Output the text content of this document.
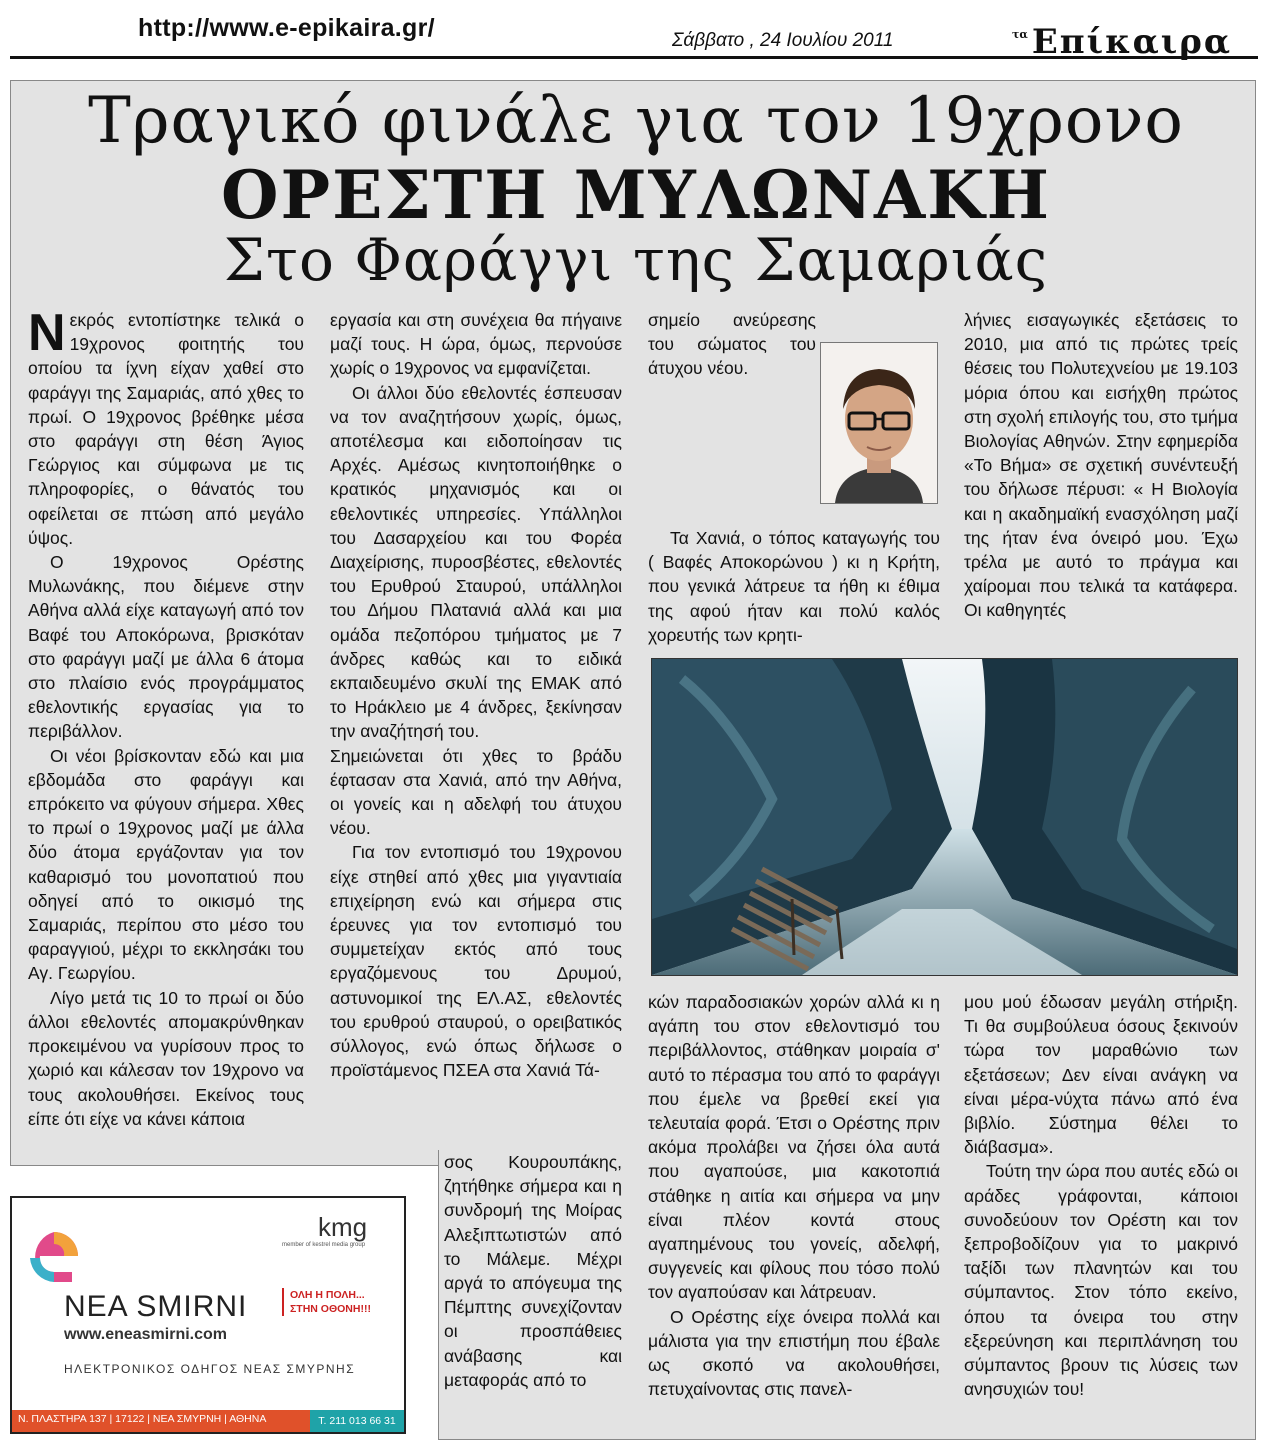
http://www.e-epikaira.gr/	Σάββατο , 24 Ιουλίου 2011	$^{\tau\alpha}$ Επίκαιρα
Τραγικό φινάλε για τον 19χρονο
ΟΡΕΣΤΗ ΜΥΛΩΝΑΚΗ
Στο Φαράγγι της Σαμαριάς

Νεκρός εντοπίστηκε τελικά ο 19χρονος φοιτητής του οποίου τα ίχνη είχαν χαθεί στο φαράγγι της Σαμαριάς, από χθες το πρωί. Ο 19χρονος βρέθηκε μέσα στο φαράγγι στη θέση Άγιος Γεώργιος και σύμφωνα με τις πληροφορίες, ο θάνατός του οφείλεται σε πτώση από μεγάλο ύψος.

Ο 19χρονος Ορέστης Μυλωνάκης, που διέμενε στην Αθήνα αλλά είχε καταγωγή από τον Βαφέ του Αποκόρωνα, βρισκόταν στο φαράγγι μαζί με άλλα 6 άτομα στο πλαίσιο ενός προγράμματος εθελοντικής εργασίας για το περιβάλλον.

Οι νέοι βρίσκονταν εδώ και μια εβδομάδα στο φαράγγι και επρόκειτο να φύγουν σήμερα. Χθες το πρωί ο 19χρονος μαζί με άλλα δύο άτομα εργάζονταν για τον καθαρισμό του μονοπατιού που οδηγεί από το οικισμό της Σαμαριάς, περίπου στο μέσο του φαραγγιού, μέχρι το εκκλησάκι του Αγ. Γεωργίου.

Λίγο μετά τις 10 το πρωί οι δύο άλλοι εθελοντές απομακρύνθηκαν προκειμένου να γυρίσουν προς το χωριό και κάλεσαν τον 19χρονο να τους ακολουθήσει. Εκείνος τους είπε ότι είχε να κάνει κάποια

εργασία και στη συνέχεια θα πήγαινε μαζί τους. Η ώρα, όμως, περνούσε χωρίς ο 19χρονος να εμφανίζεται.

Οι άλλοι δύο εθελοντές έσπευσαν να τον αναζητήσουν χωρίς, όμως, αποτέλεσμα και ειδοποίησαν τις Αρχές. Αμέσως κινητοποιήθηκε ο κρατικός μηχανισμός και οι εθελοντικές υπηρεσίες. Υπάλληλοι του Δασαρχείου και του Φορέα Διαχείρισης, πυροσβέστες, εθελοντές του Ερυθρού Σταυρού, υπάλληλοι του Δήμου Πλατανιά αλλά και μια ομάδα πεζοπόρου τμήματος με 7 άνδρες καθώς και το ειδικά εκπαιδευμένο σκυλί της ΕΜΑΚ από το Ηράκλειο με 4 άνδρες, ξεκίνησαν την αναζήτησή του.

Σημειώνεται ότι χθες το βράδυ έφτασαν στα Χανιά, από την Αθήνα, οι γονείς και η αδελφή του άτυχου νέου.

Για τον εντοπισμό του 19χρονου είχε στηθεί από χθες μια γιγαντιαία επιχείρηση ενώ και σήμερα στις έρευνες για τον εντοπισμό του συμμετείχαν εκτός από τους εργαζόμενους του Δρυμού, αστυνομικοί της ΕΛ.ΑΣ, εθελοντές του ερυθρού σταυρού, ο ορειβατικός σύλλογος, ενώ όπως δήλωσε ο προϊστάμενος ΠΣΕΑ στα Χανιά Τά-

σος Κουρουπάκης, ζητήθηκε σήμερα και η συνδρομή της Μοίρας Αλεξιπτωτιστών από το Μάλεμε. Μέχρι αργά το απόγευμα της Πέμπτης συνεχίζονταν οι προσπάθειες ανάβασης και μεταφοράς από το

σημείο ανεύρεσης του σώματος του άτυχου νέου.

Τα Χανιά, ο τόπος καταγωγής του ( Βαφές Αποκορώνου ) κι η Κρήτη, που γενικά λάτρευε τα ήθη κι έθιμα της αφού ήταν και πολύ καλός χορευτής των κρητι-

κών παραδοσιακών χορών αλλά κι η αγάπη του στον εθελοντισμό του περιβάλλοντος, στάθηκαν μοιραία σ' αυτό το πέρασμα του από το φαράγγι που έμελε να βρεθεί εκεί για τελευταία φορά. Έτσι ο Ορέστης πριν ακόμα προλάβει να ζήσει όλα αυτά που αγαπούσε, μια κακοτοπιά στάθηκε η αιτία και σήμερα να μην είναι πλέον κοντά στους αγαπημένους του γονείς, αδελφή, συγγενείς και φίλους που τόσο πολύ τον αγαπούσαν και λάτρευαν.

Ο Ορέστης είχε όνειρα πολλά και μάλιστα για την επιστήμη που έβαλε ως σκοπό να ακολουθήσει, πετυχαίνοντας στις πανελ-

λήνιες εισαγωγικές εξετάσεις το 2010, μια από τις πρώτες τρείς θέσεις του Πολυτεχνείου με 19.103 μόρια όπου και εισήχθη πρώτος στη σχολή επιλογής του, στο τμήμα Βιολογίας Αθηνών. Στην εφημερίδα «Το Βήμα» σε σχετική συνέντευξή του δήλωσε πέρυσι: « Η Βιολογία και η ακαδημαϊκή ενασχόληση μαζί της ήταν ένα όνειρό μου. Έχω τρέλα με αυτό το πράγμα και χαίρομαι που τελικά τα κατάφερα. Οι καθηγητές

μου μού έδωσαν μεγάλη στήριξη. Τι θα συμβούλευα όσους ξεκινούν τώρα τον μαραθώνιο των εξετάσεων; Δεν είναι ανάγκη να είναι μέρα-νύχτα πάνω από ένα βιβλίο. Σύστημα θέλει το διάβασμα».

Τούτη την ώρα που αυτές εδώ οι αράδες γράφονται, κάποιοι συνοδεύουν τον Ορέστη και τον ξεπροβοδίζουν για το μακρινό ταξίδι των πλανητών και του σύμπαντος. Στον τόπο εκείνο, όπου τα όνειρα του στην εξερεύνηση και περιπλάνηση του σύμπαντος βρουν τις λύσεις των ανησυχιών του!

kmg
member of kestrel media group
ΝΕΑ SMIRNI	ΟΛΗ Η ΠΟΛΗ...
ΣΤΗΝ ΟΘΟΝΗ!!!
www.eneasmirni.com
ΗΛΕΚΤΡΟΝΙΚΟΣ ΟΔΗΓΟΣ ΝΕΑΣ ΣΜΥΡΝΗΣ
Ν. ΠΛΑΣΤΗΡΑ 137 | 17122 | ΝΕΑ ΣΜΥΡΝΗ | ΑΘΗΝΑ	Τ. 211 013 66 31
